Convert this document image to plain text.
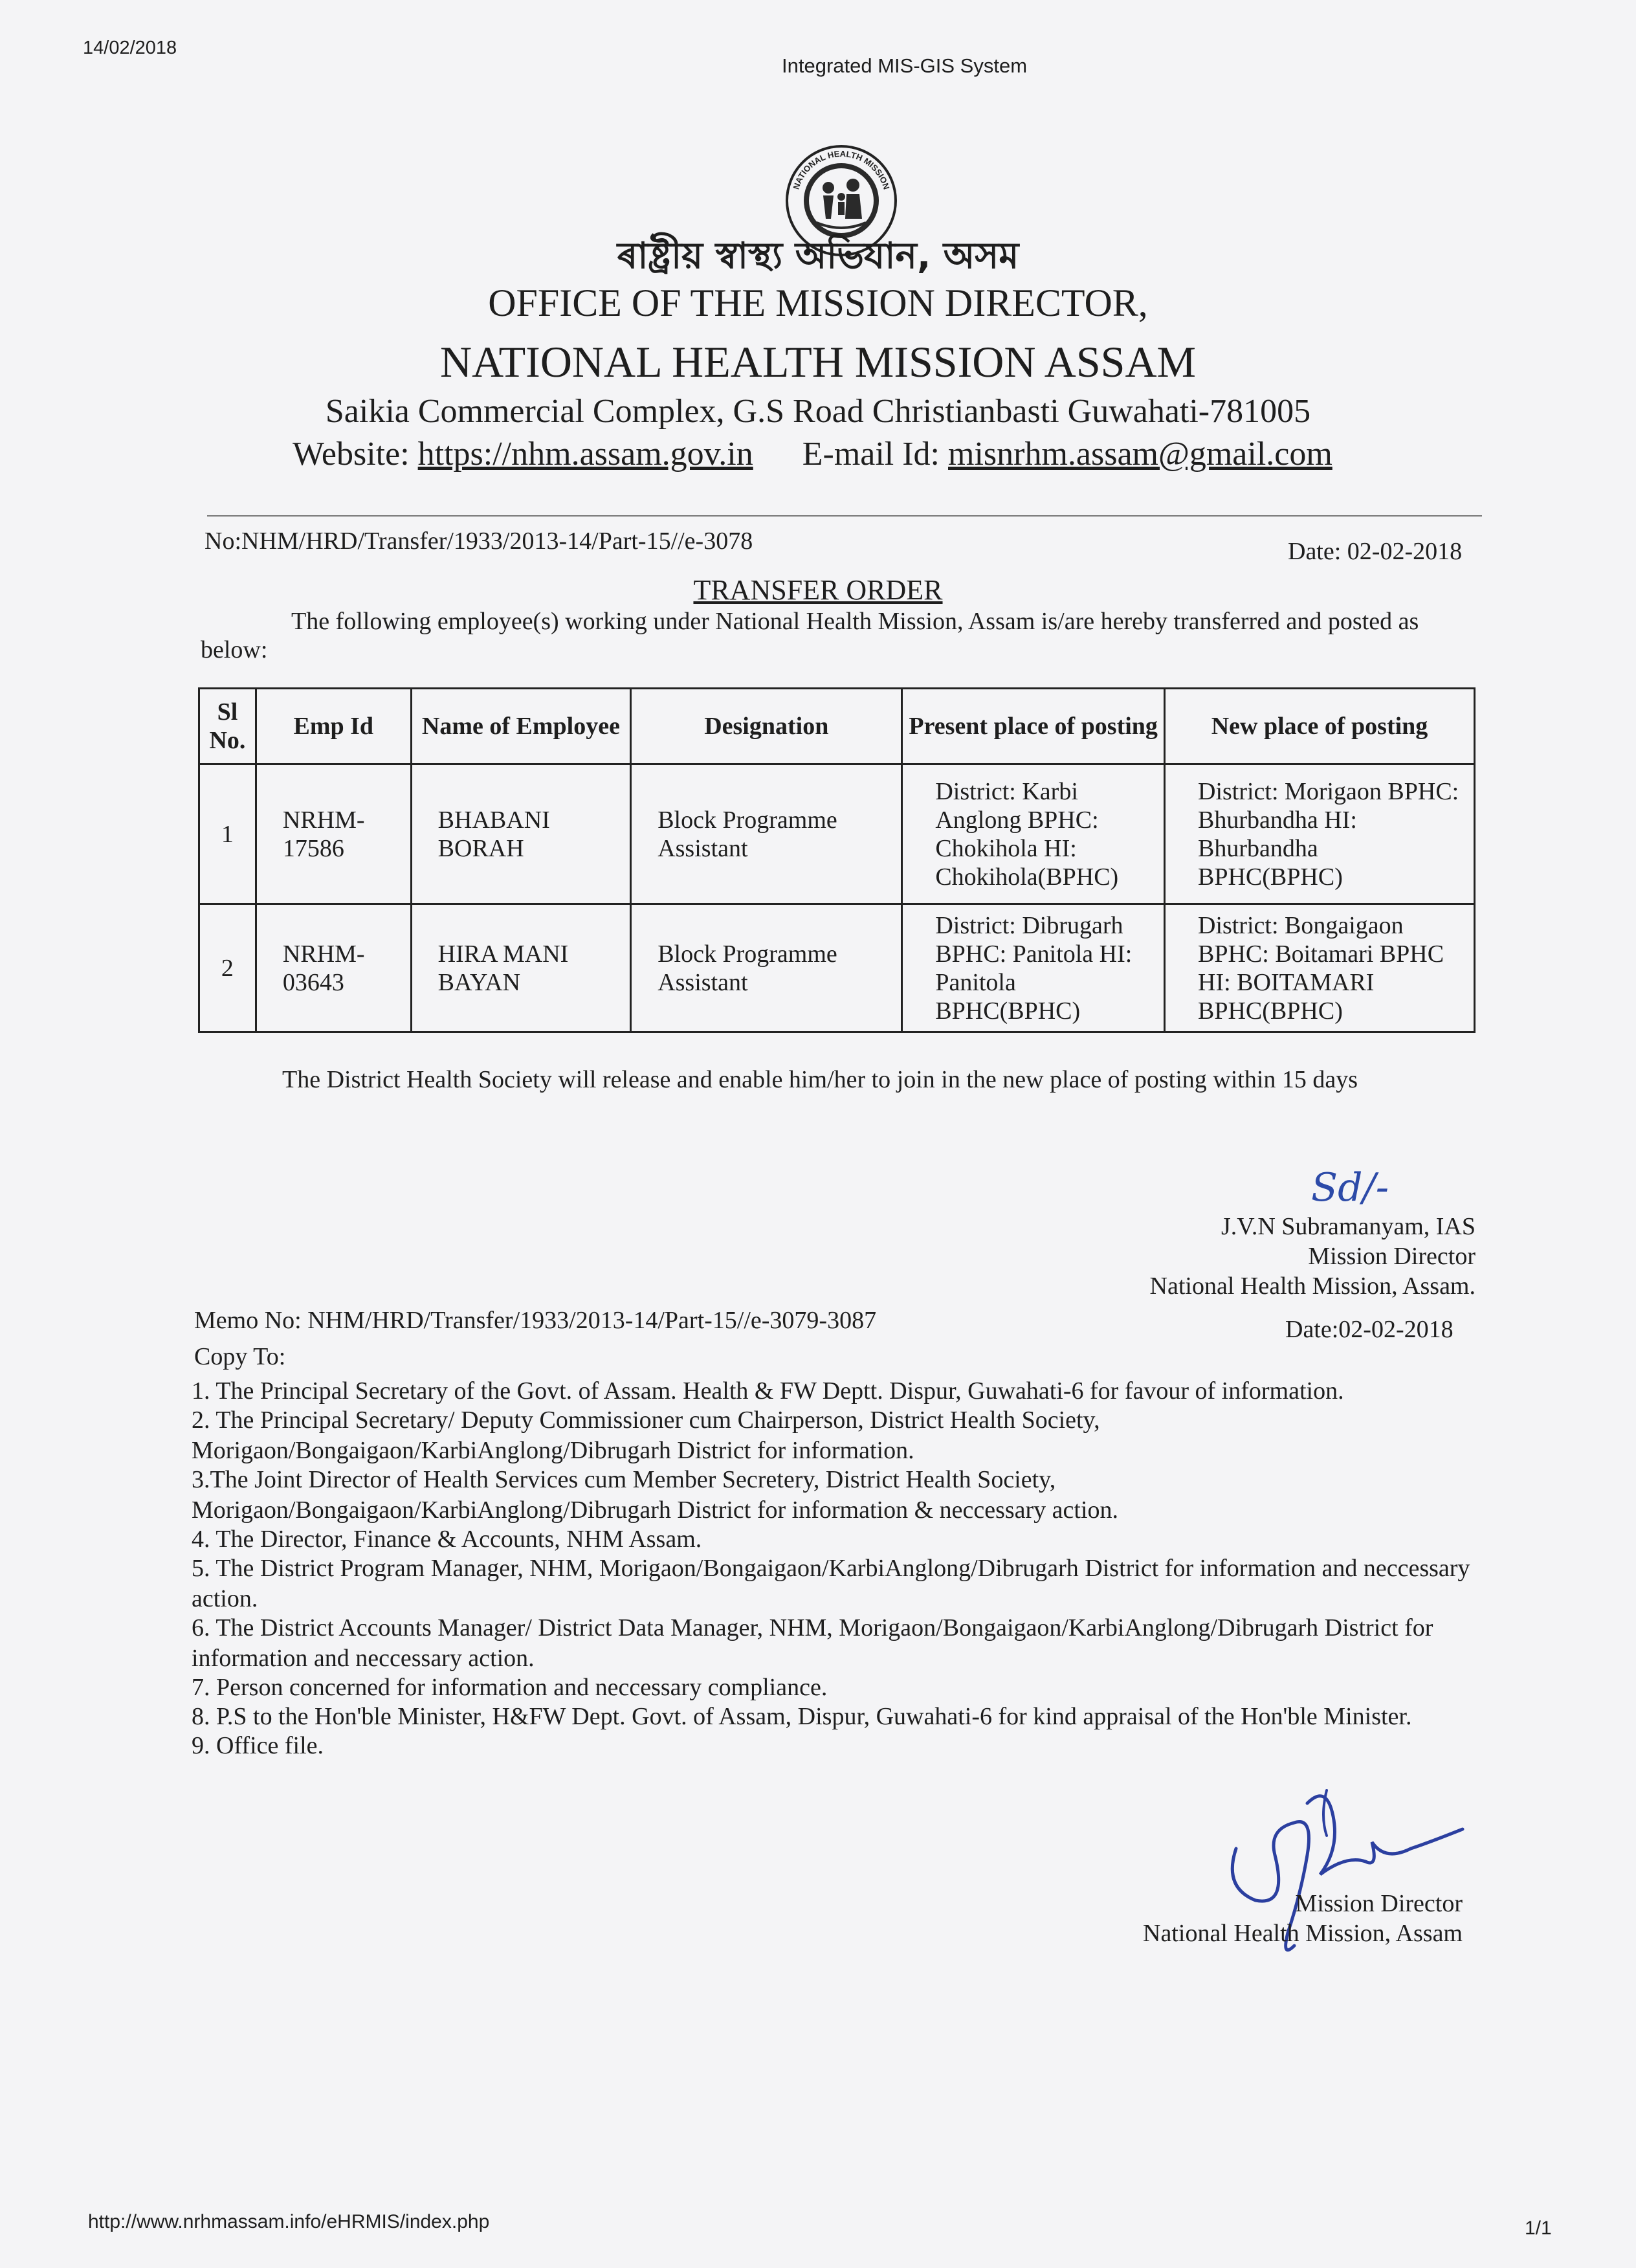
14/02/2018
Integrated MIS-GIS System
NATIONAL HEALTH MISSION
ৰাষ্ট্ৰীয় স্বাস্থ্য অভিযান, অসম
OFFICE OF THE MISSION DIRECTOR,
NATIONAL HEALTH MISSION ASSAM
Saikia Commercial Complex, G.S Road Christianbasti Guwahati-781005
Website: https://nhm.assam.gov.in E-mail Id: misnrhm.assam@gmail.com
No:NHM/HRD/Transfer/1933/2013-14/Part-15//e-3078	Date: 02-02-2018
TRANSFER ORDER
The following employee(s) working under National Health Mission, Assam is/are hereby transferred and posted as below:
Sl No.	Emp Id	Name of Employee	Designation	Present place of posting	New place of posting
1	NRHM-17586	BHABANI BORAH	Block Programme Assistant	District: Karbi Anglong BPHC: Chokihola HI: Chokihola(BPHC)	District: Morigaon BPHC: Bhurbandha HI: Bhurbandha BPHC(BPHC)
2	NRHM-03643	HIRA MANI BAYAN	Block Programme Assistant	District: Dibrugarh BPHC: Panitola HI: Panitola BPHC(BPHC)	District: Bongaigaon BPHC: Boitamari BPHC HI: BOITAMARI BPHC(BPHC)
The District Health Society will release and enable him/her to join in the new place of posting within 15 days
Sd/-
J.V.N Subramanyam, IAS
Mission Director
National Health Mission, Assam.
Memo No: NHM/HRD/Transfer/1933/2013-14/Part-15//e-3079-3087	Date:02-02-2018
Copy To:
1. The Principal Secretary of the Govt. of Assam. Health & FW Deptt. Dispur, Guwahati-6 for favour of information.
2. The Principal Secretary/ Deputy Commissioner cum Chairperson, District Health Society, Morigaon/Bongaigaon/KarbiAnglong/Dibrugarh District for information.
3.The Joint Director of Health Services cum Member Secretery, District Health Society, Morigaon/Bongaigaon/KarbiAnglong/Dibrugarh District for information & neccessary action.
4. The Director, Finance & Accounts, NHM Assam.
5. The District Program Manager, NHM, Morigaon/Bongaigaon/KarbiAnglong/Dibrugarh District for information and neccessary action.
6. The District Accounts Manager/ District Data Manager, NHM, Morigaon/Bongaigaon/KarbiAnglong/Dibrugarh District for information and neccessary action.
7. Person concerned for information and neccessary compliance.
8. P.S to the Hon'ble Minister, H&FW Dept. Govt. of Assam, Dispur, Guwahati-6 for kind appraisal of the Hon'ble Minister.
9. Office file.
Mission Director
National Health Mission, Assam
http://www.nrhmassam.info/eHRMIS/index.php	1/1
